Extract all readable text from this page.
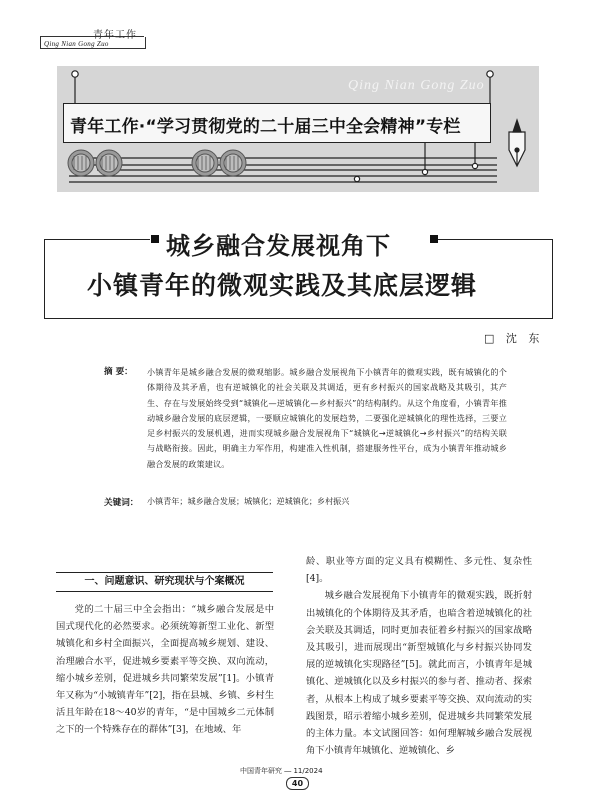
青年工作
Qing Nian Gong Zuo
Qing Nian Gong Zuo
青年工作·“学习贯彻党的二十届三中全会精神”专栏
城乡融合发展视角下
小镇青年的微观实践及其底层逻辑
□ 沈 东
摘 要： 小镇青年是城乡融合发展的微观缩影。城乡融合发展视角下小镇青年的微观实践，既有城镇化的个体期待及其矛盾，也有逆城镇化的社会关联及其调适，更有乡村振兴的国家战略及其吸引，其产生、存在与发展始终受到“城镇化—逆城镇化—乡村振兴”的结构制约。从这个角度看，小镇青年推动城乡融合发展的底层逻辑，一要顺应城镇化的发展趋势，二要强化逆城镇化的理性选择，三要立足乡村振兴的发展机遇，进而实现城乡融合发展视角下“城镇化→逆城镇化→乡村振兴”的结构关联与战略衔接。因此，明确主力军作用，构建准入性机制，搭建服务性平台，成为小镇青年推动城乡融合发展的政策建议。
关键词： 小镇青年；城乡融合发展；城镇化；逆城镇化；乡村振兴
一、问题意识、研究现状与个案概况
党的二十届三中全会指出：“城乡融合发展是中国式现代化的必然要求。必须统筹新型工业化、新型城镇化和乡村全面振兴，全面提高城乡规划、建设、治理融合水平，促进城乡要素平等交换、双向流动，缩小城乡差别，促进城乡共同繁荣发展”[1]。小镇青年又称为“小城镇青年”[2]，指在县城、乡镇、乡村生活且年龄在18～40岁的青年，“是中国城乡二元体制之下的一个特殊存在的群体”[3]，在地域、年
龄、职业等方面的定义具有模糊性、多元性、复杂性[4]。
城乡融合发展视角下小镇青年的微观实践，既折射出城镇化的个体期待及其矛盾，也暗含着逆城镇化的社会关联及其调适，同时更加表征着乡村振兴的国家战略及其吸引，进而展现出“新型城镇化与乡村振兴协同发展的逆城镇化实现路径”[5]。就此而言，小镇青年是城镇化、逆城镇化以及乡村振兴的参与者、推动者、探索者，从根本上构成了城乡要素平等交换、双向流动的实践图景，昭示着缩小城乡差别，促进城乡共同繁荣发展的主体力量。本文试图回答：如何理解城乡融合发展视角下小镇青年城镇化、逆城镇化、乡
中国青年研究 ― 11/2024
40
